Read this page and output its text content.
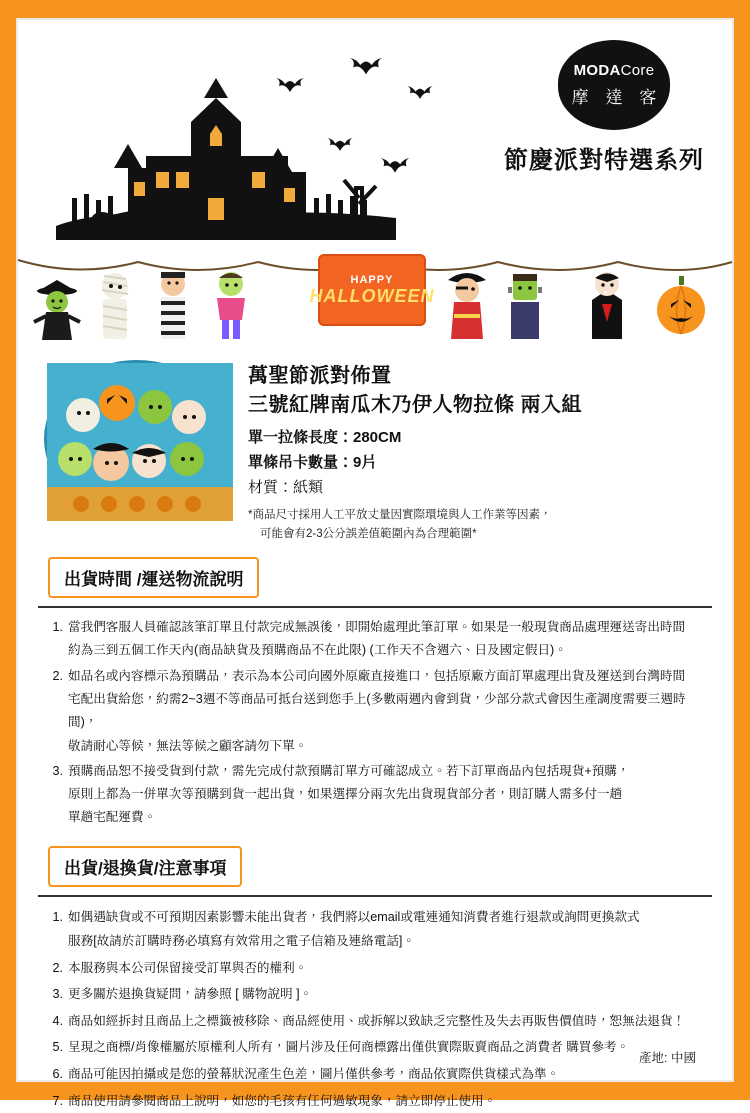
MODACore
摩 達 客
節慶派對特選系列
HAPPY
HALLOWEEN
萬聖節派對佈置
三號紅牌南瓜木乃伊人物拉條 兩入組
單一拉條長度：280CM
單條吊卡數量：9片
材質：紙類
*商品尺寸採用人工平放丈量因實際環境與人工作業等因素，
可能會有2-3公分誤差值範圍內為合理範圍*
出貨時間 /運送物流說明
1. 當我們客服人員確認該筆訂單且付款完成無誤後，即開始處理此筆訂單。如果是一般現貨商品處理運送寄出時間
約為三到五個工作天內(商品缺貨及預購商品不在此限) (工作天不含週六、日及國定假日)。
2. 如品名或內容標示為預購品，表示為本公司向國外原廠直接進口，包括原廠方面訂單處理出貨及運送到台灣時間
宅配出貨給您，約需2~3週不等商品可抵台送到您手上(多數兩週內會到貨，少部分款式會因生產調度需要三週時間)，
敬請耐心等候，無法等候之顧客請勿下單。
3. 預購商品恕不接受貨到付款，需先完成付款預購訂單方可確認成立。若下訂單商品內包括現貨+預購，
原則上都為一併單次等預購到貨一起出貨，如果選擇分兩次先出貨現貨部分者，則訂購人需多付一趟
單趟宅配運費。
出貨/退換貨/注意事項
1. 如偶遇缺貨或不可預期因素影響未能出貨者，我們將以email或電連通知消費者進行退款或詢問更換款式
服務[故請於訂購時務必填寫有效常用之電子信箱及連絡電話]。
2. 本服務與本公司保留接受訂單與否的權利。
3. 更多關於退換貨疑問，請參照 [ 購物說明 ]。
4. 商品如經拆封且商品上之標籤被移除、商品經使用、或拆解以致缺乏完整性及失去再販售價值時，恕無法退貨！
5. 呈現之商標/肖像權屬於原權利人所有，圖片涉及任何商標露出僅供實際販賣商品之消費者 購買參考。
6. 商品可能因拍攝或是您的螢幕狀況產生色差，圖片僅供參考，商品依實際供貨樣式為準。
7. 商品使用請參閱商品上說明，如您的毛孩有任何過敏現象，請立即停止使用。
產地: 中國
